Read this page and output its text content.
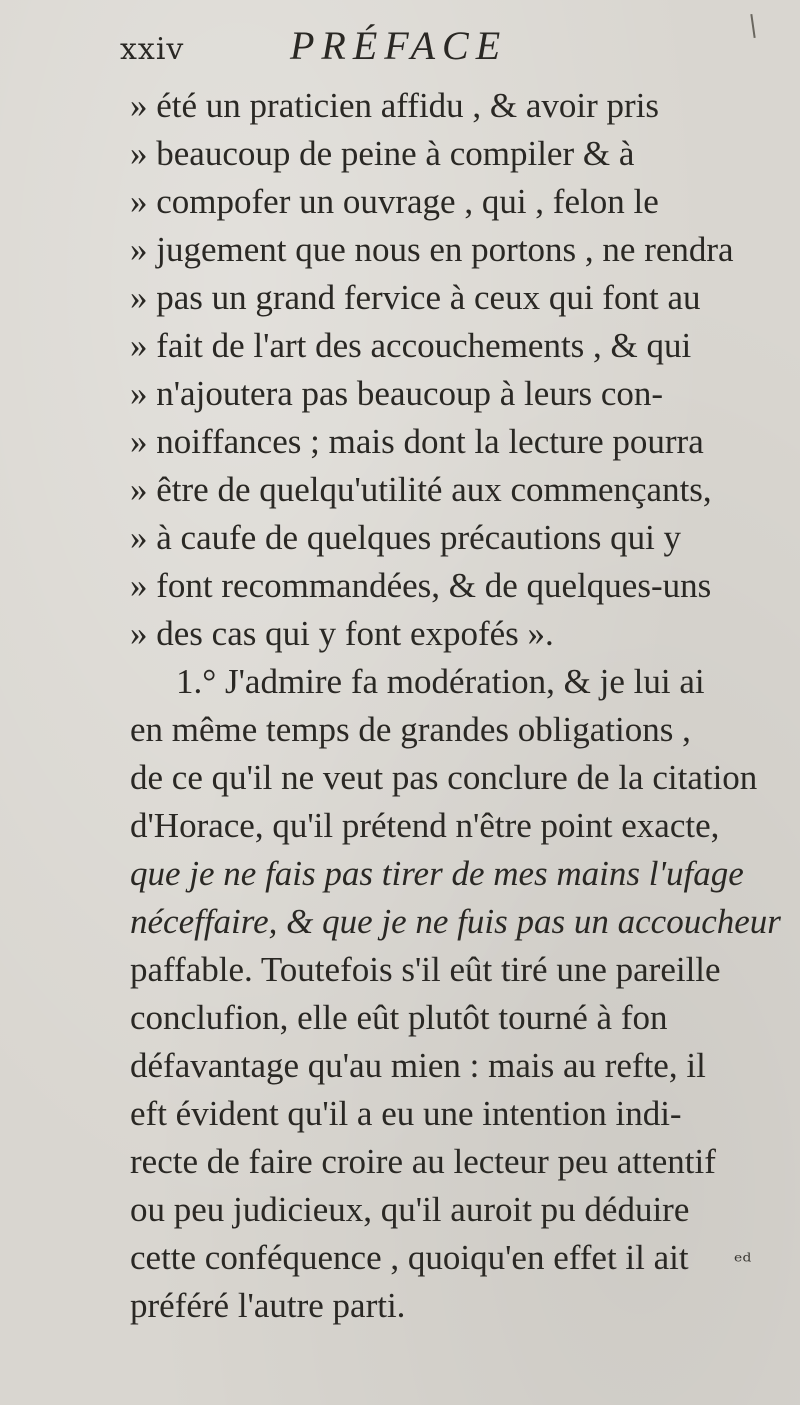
xxiv	PRÉFACE
» été un praticien affidu , & avoir pris
» beaucoup de peine à compiler & à
» compofer un ouvrage , qui , felon le
» jugement que nous en portons , ne rendra
» pas un grand fervice à ceux qui font au
» fait de l'art des accouchements , & qui
» n'ajoutera pas beaucoup à leurs con-
» noiffances ; mais dont la lecture pourra
» être de quelqu'utilité aux commençants,
» à caufe de quelques précautions qui y
» font recommandées, & de quelques-uns
» des cas qui y font expofés ».
1.° J'admire fa modération, & je lui ai
en même temps de grandes obligations ,
de ce qu'il ne veut pas conclure de la citation
d'Horace, qu'il prétend n'être point exacte,
que je ne fais pas tirer de mes mains l'ufage
néceffaire, & que je ne fuis pas un accoucheur
paffable. Toutefois s'il eût tiré une pareille
conclufion, elle eût plutôt tourné à fon
défavantage qu'au mien : mais au refte, il
eft évident qu'il a eu une intention indi-
recte de faire croire au lecteur peu attentif
ou peu judicieux, qu'il auroit pu déduire
cette conféquence , quoiqu'en effet il ait
préféré l'autre parti.
ᵉᵈ
